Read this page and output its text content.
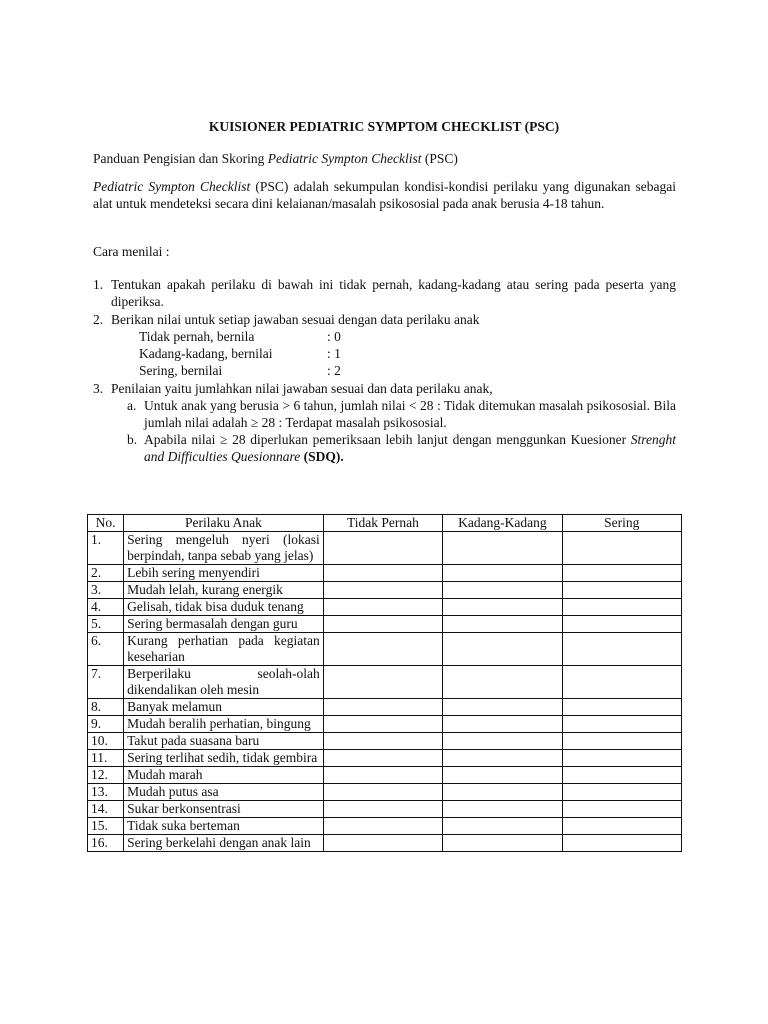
KUISIONER PEDIATRIC SYMPTOM CHECKLIST (PSC)
Panduan Pengisian dan Skoring Pediatric Sympton Checklist (PSC)
Pediatric Sympton Checklist (PSC) adalah sekumpulan kondisi-kondisi perilaku yang digunakan sebagai alat untuk mendeteksi secara dini kelaianan/masalah psikososial pada anak berusia 4-18 tahun.
Cara menilai :
1. Tentukan apakah perilaku di bawah ini tidak pernah, kadang-kadang atau sering pada peserta yang diperiksa.
2. Berikan nilai untuk setiap jawaban sesuai dengan data perilaku anak
Tidak pernah, bernila	: 0
Kadang-kadang, bernilai	: 1
Sering, bernilai	: 2
3. Penilaian yaitu jumlahkan nilai jawaban sesuai dan data perilaku anak,
a. Untuk anak yang berusia > 6 tahun, jumlah nilai < 28 : Tidak ditemukan masalah psikososial. Bila jumlah nilai adalah ≥ 28 : Terdapat masalah psikososial.
b. Apabila nilai ≥ 28 diperlukan pemeriksaan lebih lanjut dengan menggunkan Kuesioner Strenght and Difficulties Quesionnare (SDQ).
No.	Perilaku Anak	Tidak Pernah	Kadang-Kadang	Sering
1.	Sering mengeluh nyeri (lokasi berpindah, tanpa sebab yang jelas)			
2.	Lebih sering menyendiri			
3.	Mudah lelah, kurang energik			
4.	Gelisah, tidak bisa duduk tenang			
5.	Sering bermasalah dengan guru			
6.	Kurang perhatian pada kegiatan keseharian			
7.	Berperilaku seolah-olah dikendalikan oleh mesin			
8.	Banyak melamun			
9.	Mudah beralih perhatian, bingung			
10.	Takut pada suasana baru			
11.	Sering terlihat sedih, tidak gembira			
12.	Mudah marah			
13.	Mudah putus asa			
14.	Sukar berkonsentrasi			
15.	Tidak suka berteman			
16.	Sering berkelahi dengan anak lain			
